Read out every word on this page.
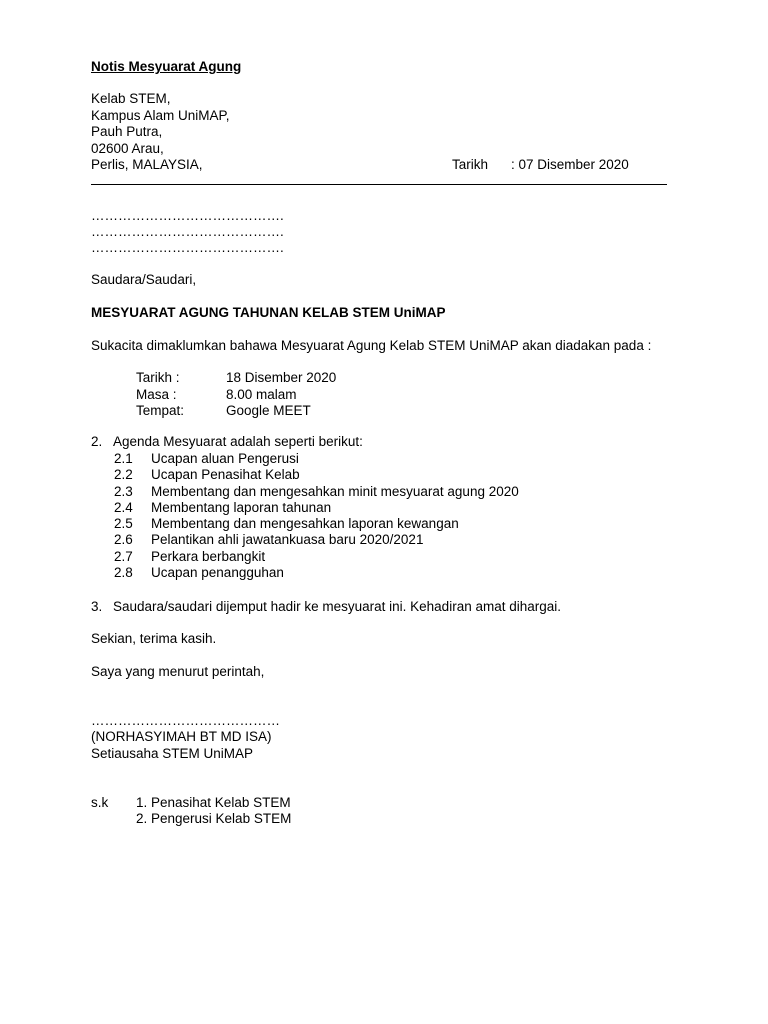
Notis Mesyuarat Agung
Kelab STEM,
Kampus Alam UniMAP,
Pauh Putra,
02600 Arau,
Perlis, MALAYSIA,	Tarikh : 07 Disember 2020
…………………………………….
…………………………………….
…………………………………….
Saudara/Saudari,
MESYUARAT AGUNG TAHUNAN KELAB STEM UniMAP
Sukacita dimaklumkan bahawa Mesyuarat Agung Kelab STEM UniMAP akan diadakan pada :
Tarikh :	18 Disember 2020
Masa :	8.00 malam
Tempat:	Google MEET
2. Agenda Mesyuarat adalah seperti berikut:
2.1 Ucapan aluan Pengerusi
2.2 Ucapan Penasihat Kelab
2.3 Membentang dan mengesahkan minit mesyuarat agung 2020
2.4 Membentang laporan tahunan
2.5 Membentang dan mengesahkan laporan kewangan
2.6 Pelantikan ahli jawatankuasa baru 2020/2021
2.7 Perkara berbangkit
2.8 Ucapan penangguhan
3. Saudara/saudari dijemput hadir ke mesyuarat ini. Kehadiran amat dihargai.
Sekian, terima kasih.
Saya yang menurut perintah,
……………………………………
(NORHASYIMAH BT MD ISA)
Setiausaha STEM UniMAP
s.k 1. Penasihat Kelab STEM
2. Pengerusi Kelab STEM
